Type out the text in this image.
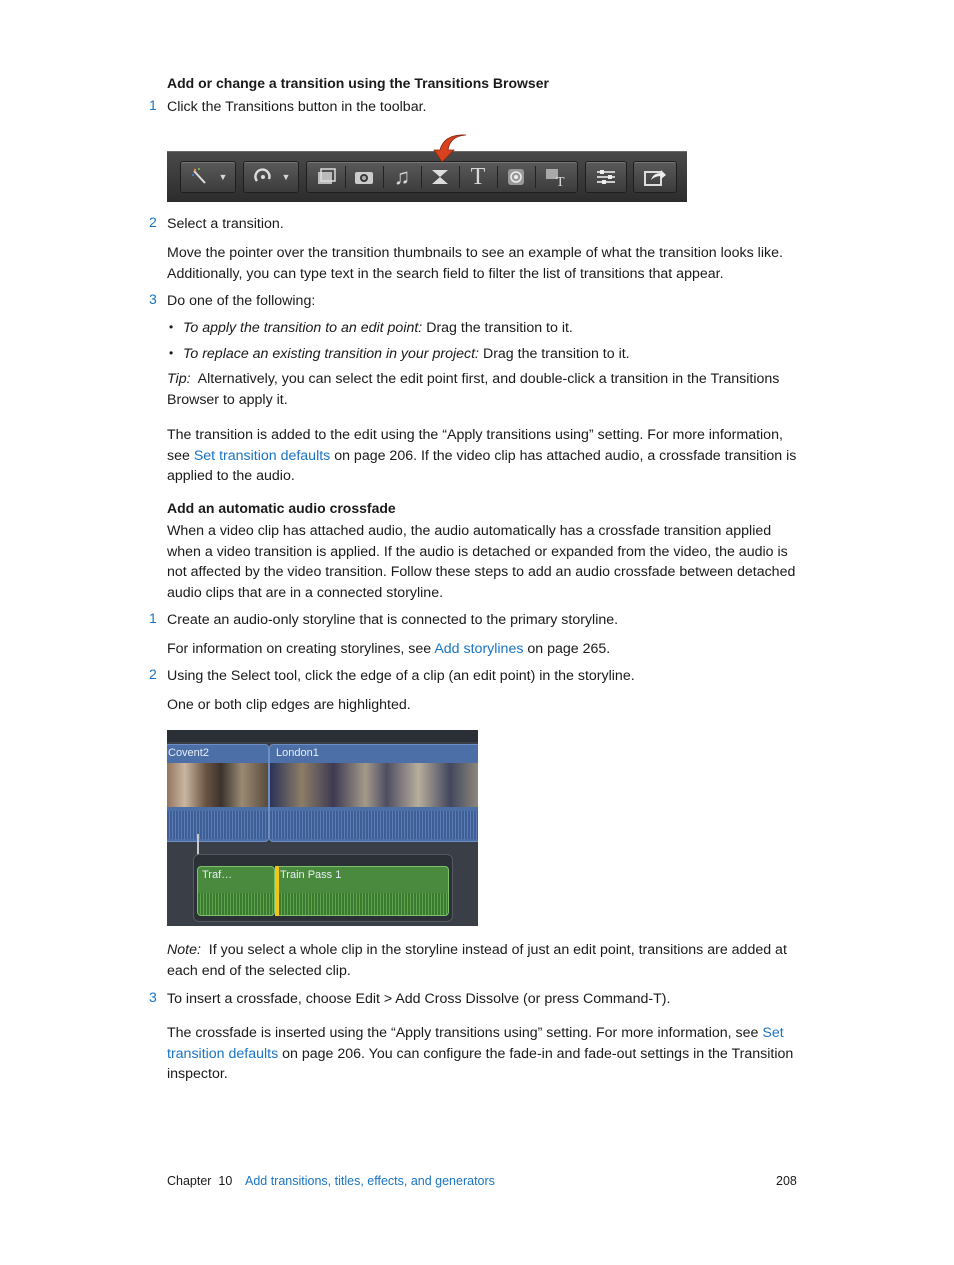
Add or change a transition using the Transitions Browser
1 Click the Transitions button in the toolbar.
▼	▼	♫	T	T
2 Select a transition.
Move the pointer over the transition thumbnails to see an example of what the transition looks like. Additionally, you can type text in the search field to filter the list of transitions that appear.
3 Do one of the following:
• To apply the transition to an edit point: Drag the transition to it.
• To replace an existing transition in your project: Drag the transition to it.
Tip:  Alternatively, you can select the edit point first, and double-click a transition in the Transitions Browser to apply it.
The transition is added to the edit using the “Apply transitions using” setting. For more information, see Set transition defaults on page 206. If the video clip has attached audio, a crossfade transition is applied to the audio.
Add an automatic audio crossfade
When a video clip has attached audio, the audio automatically has a crossfade transition applied when a video transition is applied. If the audio is detached or expanded from the video, the audio is not affected by the video transition. Follow these steps to add an audio crossfade between detached audio clips that are in a connected storyline.
1 Create an audio-only storyline that is connected to the primary storyline.
For information on creating storylines, see Add storylines on page 265.
2 Using the Select tool, click the edge of a clip (an edit point) in the storyline.
One or both clip edges are highlighted.
Covent2	London1
Traf…	Train Pass 1
Note:  If you select a whole clip in the storyline instead of just an edit point, transitions are added at each end of the selected clip.
3 To insert a crossfade, choose Edit > Add Cross Dissolve (or press Command-T).
The crossfade is inserted using the “Apply transitions using” setting. For more information, see Set transition defaults on page 206. You can configure the fade-in and fade-out settings in the Transition inspector.
Chapter  10 Add transitions, titles, effects, and generators	208
